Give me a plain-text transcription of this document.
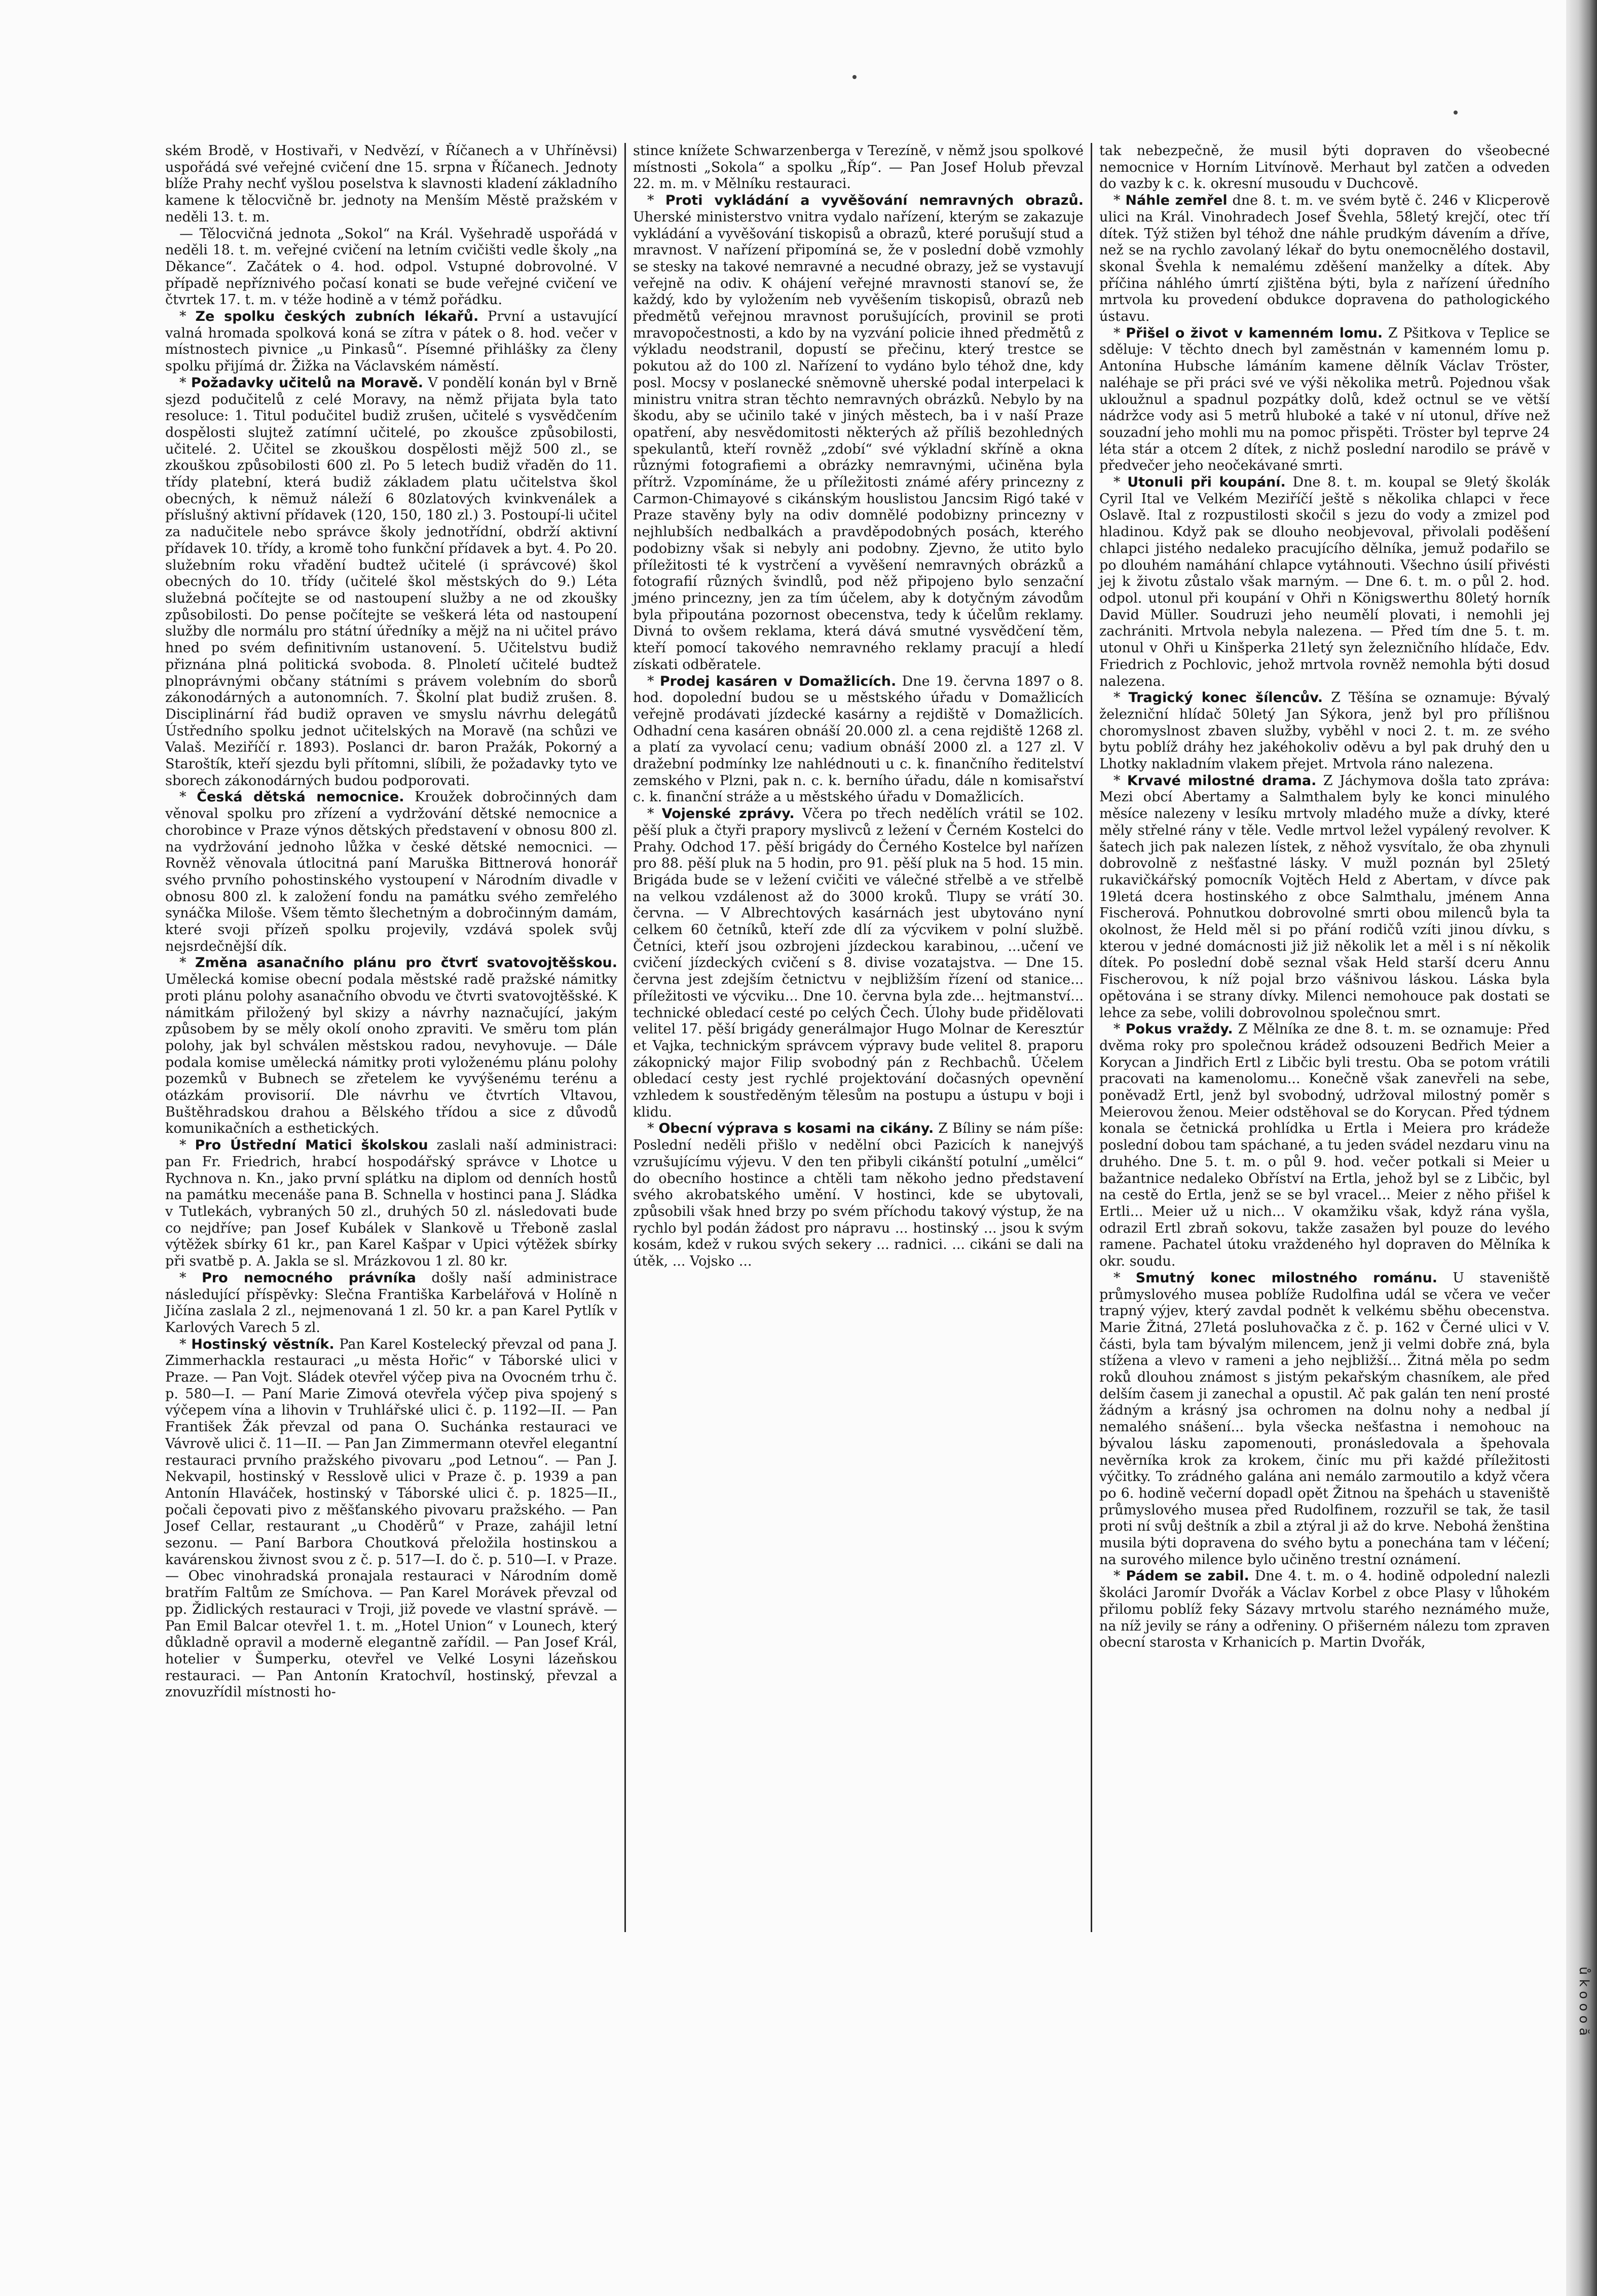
ském Brodě, v Hostivaři, v Nedvězí, v Říčanech a v Uhříněvsi) uspořádá své veřejné cvičení dne 15. srpna v Říčanech. Jednoty blíže Prahy nechť vyšlou poselstva k slavnosti kladení základního kamene k tělocvičně br. jednoty na Menším Městě pražském v neděli 13. t. m.

— Tělocvičná jednota „Sokol“ na Král. Vyšehradě uspořádá v neděli 18. t. m. veřejné cvičení na letním cvičišti vedle školy „na Děkance“. Začátek o 4. hod. odpol. Vstupné dobrovolné. V případě nepříznivého počasí konati se bude veřejné cvičení ve čtvrtek 17. t. m. v téže hodině a v témž pořádku.

* Ze spolku českých zubních lékařů. První a ustavující valná hromada spolková koná se zítra v pátek o 8. hod. večer v místnostech pivnice „u Pinkasů“. Písemné přihlášky za členy spolku přijímá dr. Žižka na Václavském náměstí.

* Požadavky učitelů na Moravě. V pondělí konán byl v Brně sjezd podučitelů z celé Moravy, na němž přijata byla tato resoluce: 1. Titul podučitel budiž zrušen, učitelé s vysvědčením dospělosti slujtež zatímní učitelé, po zkoušce způsobilosti, učitelé. 2. Učitel se zkouškou dospělosti mějž 500 zl., se zkouškou způsobilosti 600 zl. Po 5 letech budiž vřaděn do 11. třídy platební, která budiž základem platu učitelstva škol obecných, k nëmuž náleží 6 80zlatových kvinkvenálek a příslušný aktivní přídavek (120, 150, 180 zl.) 3. Postoupí-li učitel za nadučitele nebo správce školy jednotřídní, obdrží aktivní přídavek 10. třídy, a kromě toho funkční přídavek a byt. 4. Po 20. služebním roku vřadění budtež učitelé (i správcové) škol obecných do 10. třídy (učitelé škol městských do 9.) Léta služebná počítejte se od nastoupení služby a ne od zkoušky způsobilosti. Do pense počítejte se veškerá léta od nastoupení služby dle normálu pro státní úředníky a mějž na ni učitel právo hned po svém definitivním ustanovení. 5. Učitelstvu budiž přiznána plná politická svoboda. 8. Plnoletí učitelé budtež plnoprávnými občany státními s právem volebním do sborů zákonodárných a autonomních. 7. Školní plat budiž zrušen. 8. Disciplinární řád budiž opraven ve smyslu návrhu delegátů Ústředního spolku jednot učitelských na Moravě (na schůzi ve Valaš. Meziříčí r. 1893). Poslanci dr. baron Pražák, Pokorný a Staroštík, kteří sjezdu byli přítomni, slíbili, že požadavky tyto ve sborech zákonodárných budou podporovati.

* Česká dětská nemocnice. Kroužek dobročinných dam věnoval spolku pro zřízení a vydržování dětské nemocnice a chorobince v Praze výnos dětských představení v obnosu 800 zl. na vydržování jednoho lůžka v české dětské nemocnici. — Rovněž věnovala útlocitná paní Maruška Bittnerová honorář svého prvního pohostinského vystoupení v Národním divadle v obnosu 800 zl. k založení fondu na památku svého zemřelého synáčka Miloše. Všem těmto šlechetným a dobročinným damám, které svoji přízeň spolku projevily, vzdává spolek svůj nejsrdečnější dík.

* Změna asanačního plánu pro čtvrť svatovojtěšskou. Umělecká komise obecní podala městské radě pražské námitky proti plánu polohy asanačního obvodu ve čtvrti svatovojtěšské. K námitkám přiložený byl skizy a návrhy naznačující, jakým způsobem by se měly okolí onoho zpraviti. Ve směru tom plán polohy, jak byl schválen městskou radou, nevyhovuje. — Dále podala komise umělecká námitky proti vyloženému plánu polohy pozemků v Bubnech se zřetelem ke vyvýšenému terénu a otázkám provisorií. Dle návrhu ve čtvrtích Vltavou, Buštěhradskou drahou a Bělského třídou a sice z důvodů komunikačních a esthetických.

* Pro Ústřední Matici školskou zaslali naší administraci: pan Fr. Friedrich, hrabcí hospodářský správce v Lhotce u Rychnova n. Kn., jako první splátku na diplom od denních hostů na památku mecenáše pana B. Schnella v hostinci pana J. Sládka v Tutlekách, vybraných 50 zl., druhých 50 zl. následovati bude co nejdříve; pan Josef Kubálek v Slankově u Třeboně zaslal výtěžek sbírky 61 kr., pan Karel Kašpar v Upici výtěžek sbírky při svatbě p. A. Jakla se sl. Mrázkovou 1 zl. 80 kr.

* Pro nemocného právníka došly naší administrace následující příspěvky: Slečna Františka Karbelářová v Holíně n Jičína zaslala 2 zl., nejmenovaná 1 zl. 50 kr. a pan Karel Pytlík v Karlových Varech 5 zl.

* Hostinský věstník. Pan Karel Kostelecký převzal od pana J. Zimmerhackla restauraci „u města Hořic“ v Táborské ulici v Praze. — Pan Vojt. Sládek otevřel výčep piva na Ovocném trhu č. p. 580—I. — Paní Marie Zimová otevřela výčep piva spojený s výčepem vína a lihovin v Truhlářské ulici č. p. 1192—II. — Pan František Žák převzal od pana O. Suchánka restauraci ve Vávrově ulici č. 11—II. — Pan Jan Zimmermann otevřel elegantní restauraci prvního pražského pivovaru „pod Letnou“. — Pan J. Nekvapil, hostinský v Resslově ulici v Praze č. p. 1939 a pan Antonín Hlaváček, hostinský v Táborské ulici č. p. 1825—II., počali čepovati pivo z měšťanského pivovaru pražského. — Pan Josef Cellar, restaurant „u Choděrů“ v Praze, zahájil letní sezonu. — Paní Barbora Choutková přeložila hostinskou a kavárenskou živnost svou z č. p. 517—I. do č. p. 510—I. v Praze. — Obec vinohradská pronajala restauraci v Národním domě bratřím Faltům ze Smíchova. — Pan Karel Morávek převzal od pp. Židlických restauraci v Troji, již povede ve vlastní správě. — Pan Emil Balcar otevřel 1. t. m. „Hotel Union“ v Lounech, který důkladně opravil a moderně elegantně zařídil. — Pan Josef Král, hotelier v Šumperku, otevřel ve Velké Losyni lázeňskou restauraci. — Pan Antonín Kratochvíl, hostinský, převzal a znovuzřídil místnosti ho-

stince knížete Schwarzenberga v Terezíně, v němž jsou spolkové místnosti „Sokola“ a spolku „Říp“. — Pan Josef Holub převzal 22. m. m. v Mělníku restauraci.

* Proti vykládání a vyvěšování nemravných obrazů. Uherské ministerstvo vnitra vydalo nařízení, kterým se zakazuje vykládání a vyvěšování tiskopisů a obrazů, které porušují stud a mravnost. V nařízení připomíná se, že v poslední době vzmohly se stesky na takové nemravné a necudné obrazy, jež se vystavují veřejně na odiv. K ohájení veřejné mravnosti stanoví se, že každý, kdo by vyložením neb vyvěšením tiskopisů, obrazů neb předmětů veřejnou mravnost porušujících, provinil se proti mravopočestnosti, a kdo by na vyzvání policie ihned předmětů z výkladu neodstranil, dopustí se přečinu, který trestce se pokutou až do 100 zl. Nařízení to vydáno bylo téhož dne, kdy posl. Mocsy v poslanecké sněmovně uherské podal interpelaci k ministru vnitra stran těchto nemravných obrázků. Nebylo by na škodu, aby se učinilo také v jiných městech, ba i v naší Praze opatření, aby nesvědomitosti některých až příliš bezohledných spekulantů, kteří rovněž „zdobí“ své výkladní skříně a okna různými fotografiemi a obrázky nemravnými, učiněna byla přítrž. Vzpomínáme, že u příležitosti známé aféry princezny z Carmon-Chimayové s cikánským houslistou Jancsim Rigó také v Praze stavěny byly na odiv domnělé podobizny princezny v nejhlubších nedbalkách a pravděpodobných posách, kterého podobizny však si nebyly ani podobny. Zjevno, že utito bylo příležitosti té k vystrčení a vyvěšení nemravných obrázků a fotografií různých švindlů, pod něž připojeno bylo senzační jméno princezny, jen za tím účelem, aby k dotyčným závodům byla připoutána pozornost obecenstva, tedy k účelům reklamy. Divná to ovšem reklama, která dává smutné vysvědčení těm, kteří pomocí takového nemravného reklamy pracují a hledí získati odběratele.

* Prodej kasáren v Domažlicích. Dne 19. června 1897 o 8. hod. dopolední budou se u městského úřadu v Domažlicích veřejně prodávati jízdecké kasárny a rejdiště v Domažlicích. Odhadní cena kasáren obnáší 20.000 zl. a cena rejdiště 1268 zl. a platí za vyvolací cenu; vadium obnáší 2000 zl. a 127 zl. V dražební podmínky lze nahlédnouti u c. k. finančního ředitelství zemského v Plzni, pak n. c. k. berního úřadu, dále n komisařství c. k. finanční stráže a u městského úřadu v Domažlicích.

* Vojenské zprávy. Včera po třech nedělích vrátil se 102. pěší pluk a čtyři prapory myslivců z ležení v Černém Kostelci do Prahy. Odchod 17. pěší brigády do Černého Kostelce byl nařízen pro 88. pěší pluk na 5 hodin, pro 91. pěší pluk na 5 hod. 15 min. Brigáda bude se v ležení cvičiti ve válečné střelbě a ve střelbě na velkou vzdálenost až do 3000 kroků. Tlupy se vrátí 30. června. — V Albrechtových kasárnách jest ubytováno nyní celkem 60 četníků, kteří zde dlí za výcvikem v polní službě. Četníci, kteří jsou ozbrojeni jízdeckou karabinou, ...učení ve cvičení jízdeckých cvičení s 8. divise vozatajstva. — Dne 15. června jest zdejším četnictvu v nejbližším řízení od stanice... příležitosti ve výcviku... Dne 10. června byla zde... hejtmanství... technické obledací cesté po celých Čech. Úlohy bude přidělovati velitel 17. pěší brigády generálmajor Hugo Molnar de Keresztúr et Vajka, technickým správcem výpravy bude velitel 8. praporu zákopnický major Filip svobodný pán z Rechbachů. Účelem obledací cesty jest rychlé projektování dočasných opevnění vzhledem k soustředěným tělesům na postupu a ústupu v boji i klidu.

* Obecní výprava s kosami na cikány. Z Bíliny se nám píše: Poslední neděli přišlo v nedělní obci Pazicích k nanejvýš vzrušujícímu výjevu. V den ten přibyli cikánští potulní „umělci“ do obecního hostince a chtěli tam někoho jedno představení svého akrobatského umění. V hostinci, kde se ubytovali, způsobili však hned brzy po svém příchodu takový výstup, že na rychlo byl podán žádost pro nápravu ... hostinský ... jsou k svým kosám, kdež v rukou svých sekery ... radnici. ... cikáni se dali na útěk, ... Vojsko ...

tak nebezpečně, že musil býti dopraven do všeobecné nemocnice v Horním Litvínově. Merhaut byl zatčen a odveden do vazby k c. k. okresní musoudu v Duchcově.

* Náhle zemřel dne 8. t. m. ve svém bytě č. 246 v Klicperově ulici na Král. Vinohradech Josef Švehla, 58letý krejčí, otec tří dítek. Týž stižen byl téhož dne náhle prudkým dávením a dříve, než se na rychlo zavolaný lékař do bytu onemocnělého dostavil, skonal Švehla k nemalému zděšení manželky a dítek. Aby příčina náhlého úmrtí zjištěna býti, byla z nařízení úředního mrtvola ku provedení obdukce dopravena do pathologického ústavu.

* Přišel o život v kamenném lomu. Z Pšitkova v Teplice se sděluje: V těchto dnech byl zaměstnán v kamenném lomu p. Antonína Hubsche lámáním kamene dělník Václav Tröster, naléhaje se při práci své ve výši několika metrů. Pojednou však ukloužnul a spadnul pozpátky dolů, kdež octnul se ve větší nádržce vody asi 5 metrů hluboké a také v ní utonul, dříve než souzadní jeho mohli mu na pomoc přispěti. Tröster byl teprve 24 léta stár a otcem 2 dítek, z nichž poslední narodilo se právě v předvečer jeho neočekávané smrti.

* Utonuli při koupání. Dne 8. t. m. koupal se 9letý školák Cyril Ital ve Velkém Meziříčí ještě s několika chlapci v řece Oslavě. Ital z rozpustilosti skočil s jezu do vody a zmizel pod hladinou. Když pak se dlouho neobjevoval, přivolali poděšení chlapci jistého nedaleko pracujícího dělníka, jemuž podařilo se po dlouhém namáhání chlapce vytáhnouti. Všechno úsilí přivésti jej k životu zůstalo však marným. — Dne 6. t. m. o půl 2. hod. odpol. utonul při koupání v Ohři n Königswerthu 80letý horník David Müller. Soudruzi jeho neumělí plovati, i nemohli jej zachrániti. Mrtvola nebyla nalezena. — Před tím dne 5. t. m. utonul v Ohři u Kinšperka 21letý syn železničního hlídače, Edv. Friedrich z Pochlovic, jehož mrtvola rovněž nemohla býti dosud nalezena.

* Tragický konec šílencův. Z Těšína se oznamuje: Bývalý železniční hlídač 50letý Jan Sýkora, jenž byl pro přílišnou choromyslnost zbaven služby, vyběhl v noci 2. t. m. ze svého bytu poblíž dráhy hez jakéhokoliv oděvu a byl pak druhý den u Lhotky nakladním vlakem přejet. Mrtvola ráno nalezena.

* Krvavé milostné drama. Z Jáchymova došla tato zpráva: Mezi obcí Abertamy a Salmthalem byly ke konci minulého měsíce nalezeny v lesíku mrtvoly mladého muže a dívky, které měly střelné rány v těle. Vedle mrtvol ležel vypálený revolver. K šatech jich pak nalezen lístek, z něhož vysvítalo, že oba zhynuli dobrovolně z nešťastné lásky. V mužl poznán byl 25letý rukavičkářský pomocník Vojtěch Held z Abertam, v dívce pak 19letá dcera hostinského z obce Salmthalu, jménem Anna Fischerová. Pohnutkou dobrovolné smrti obou milenců byla ta okolnost, že Held měl si po přání rodičů vzíti jinou dívku, s kterou v jedné domácnosti již již několik let a měl i s ní několik dítek. Po poslední době seznal však Held starší dceru Annu Fischerovou, k níž pojal brzo vášnivou láskou. Láska byla opětována i se strany dívky. Milenci nemohouce pak dostati se lehce za sebe, volili dobrovolnou společnou smrt.

* Pokus vraždy. Z Mělníka ze dne 8. t. m. se oznamuje: Před dvěma roky pro společnou krádež odsouzeni Bedřich Meier a Korycan a Jindřich Ertl z Libčic byli trestu. Oba se potom vrátili pracovati na kamenolomu... Konečně však zanevřeli na sebe, poněvadž Ertl, jenž byl svobodný, udržoval milostný poměr s Meierovou ženou. Meier odstěhoval se do Korycan. Před týdnem konala se četnická prohlídka u Ertla i Meiera pro krádeže poslední dobou tam spáchané, a tu jeden svádel nezdaru vinu na druhého. Dne 5. t. m. o půl 9. hod. večer potkali si Meier u bažantnice nedaleko Obříství na Ertla, jehož byl se z Libčic, byl na cestě do Ertla, jenž se se byl vracel... Meier z něho přišel k Ertli... Meier už u nich... V okamžiku však, když rána vyšla, odrazil Ertl zbraň sokovu, takže zasažen byl pouze do levého ramene. Pachatel útoku vraždeného hyl dopraven do Mělníka k okr. soudu.

* Smutný konec milostného románu. U staveniště průmyslového musea poblíže Rudolfina udál se včera ve večer trapný výjev, který zavdal podnět k velkému sběhu obecenstva. Marie Žitná, 27letá posluhovačka z č. p. 162 v Černé ulici v V. části, byla tam bývalým milencem, jenž ji velmi dobře zná, byla stížena a vlevo v rameni a jeho nejbližší... Žitná měla po sedm roků dlouhou známost s jistým pekařským chasníkem, ale před delším časem ji zanechal a opustil. Ač pak galán ten není prosté žádným a krásný jsa ochromen na dolnu nohy a nedbal jí nemalého snášení... byla všecka nešťastna i nemohouc na bývalou lásku zapomenouti, pronásledovala a špehovala nevěrníka krok za krokem, činíc mu při každé příležitosti výčitky. To zrádného galána ani nemálo zarmoutilo a když včera po 6. hodině večerní dopadl opět Žitnou na špehách u staveniště průmyslového musea před Rudolfinem, rozzuřil se tak, že tasil proti ní svůj deštník a zbil a ztýral ji až do krve. Nebohá ženština musila býti dopravena do svého bytu a ponechána tam v léčení; na surového milence bylo učiněno trestní oznámení.

* Pádem se zabil. Dne 4. t. m. o 4. hodině odpolední nalezli školáci Jaromír Dvořák a Václav Korbel z obce Plasy v lůhokém přilomu poblíž feky Sázavy mrtvolu starého neznámého muže, na níž jevily se rány a odřeniny. O přišerném nálezu tom zpraven obecní starosta v Krhanicích p. Martin Dvořák,

ů k o o o ă
